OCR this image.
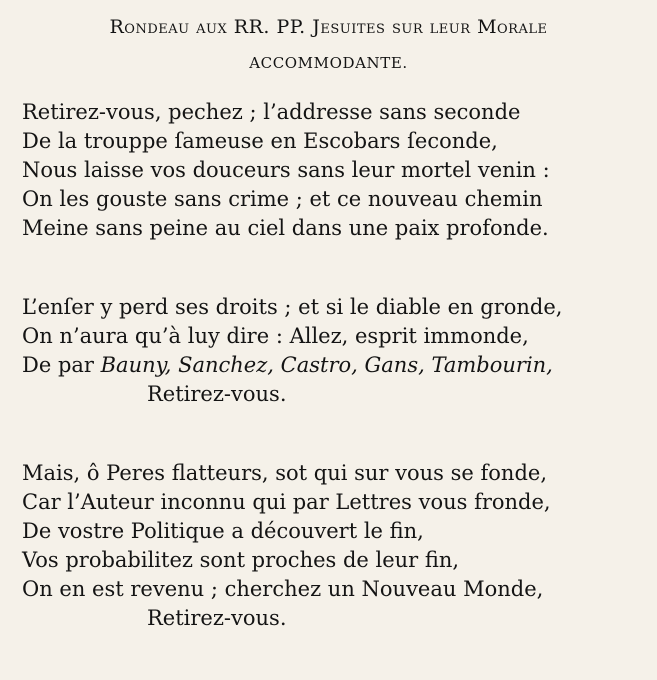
Rondeau aux RR. PP. Jesuites sur leur Morale
ACCOMMODANTE.
Retirez-vous, pechez ; l’addresse sans seconde
De la trouppe ſameuse en Escobars ſeconde,
Nous laisse vos douceurs sans leur mortel venin :
On les gouste sans crime ; et ce nouveau chemin
Meine sans peine au ciel dans une paix profonde.
L’enſer y perd ses droits ; et si le diable en gronde,
On n’aura qu’à luy dire : Allez, esprit immonde,
De par Bauny, Sanchez, Castro, Gans, Tambourin,
Retirez-vous.
Mais, ô Peres flatteurs, sot qui sur vous se fonde,
Car l’Auteur inconnu qui par Lettres vous fronde,
De vostre Politique a découvert le fin,
Vos probabilitez sont proches de leur fin,
On en est revenu ; cherchez un Nouveau Monde,
Retirez-vous.
